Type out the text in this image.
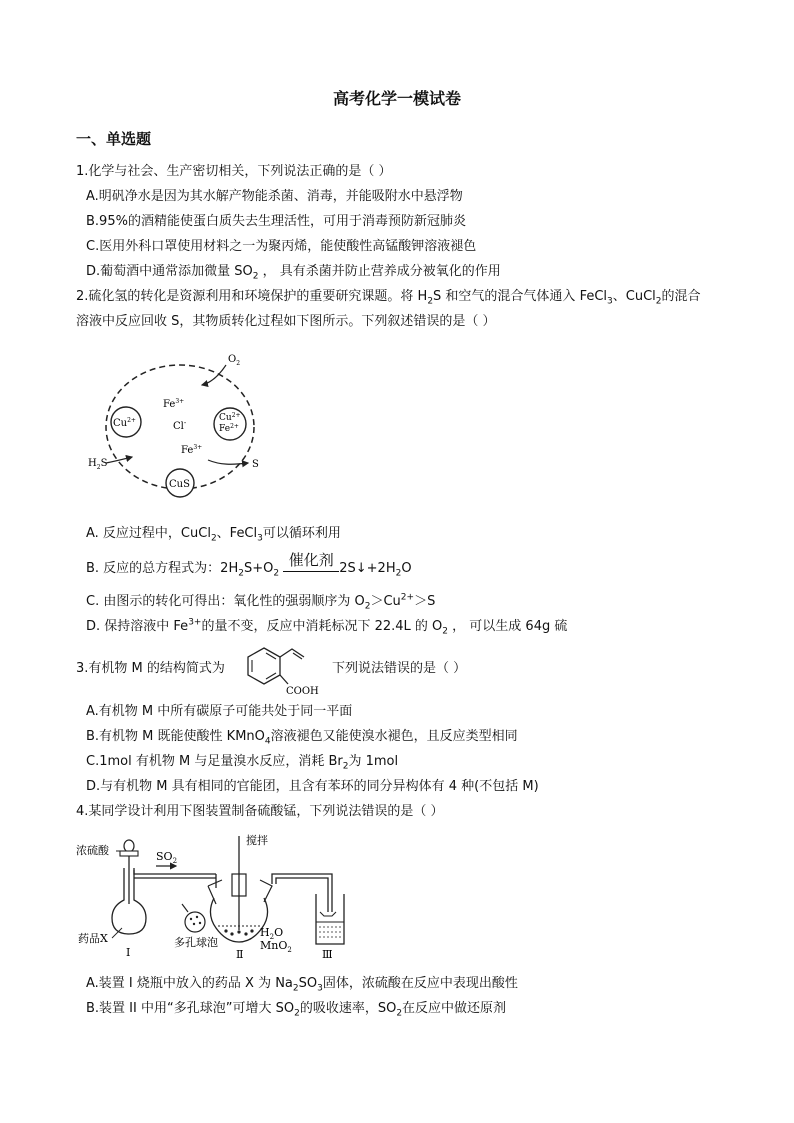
高考化学一模试卷
一、单选题
1.化学与社会、生产密切相关，下列说法正确的是（ ）
A.明矾净水是因为其水解产物能杀菌、消毒，并能吸附水中悬浮物
B.95%的酒精能使蛋白质失去生理活性，可用于消毒预防新冠肺炎
C.医用外科口罩使用材料之一为聚丙烯，能使酸性高锰酸钾溶液褪色
D.葡萄酒中通常添加微量 $SO_2$ ， 具有杀菌并防止营养成分被氧化的作用
2.硫化氢的转化是资源利用和环境保护的重要研究课题。将 $H_2S$ 和空气的混合气体通入 FeCl$_3$、CuCl$_2$的混合
溶液中反应回收 S，其物质转化过程如下图所示。下列叙述错误的是（ ）
$Cu^{2+}$	$Cu^{2+}$
$Fe^{2+}$
CuS
$Fe^{3+}$
Cl-
$Fe^{3+}$
$O_2$
$H_2S$	S
A. 反应过程中，CuCl$_2$、FeCl$_3$可以循环利用
B. 反应的总方程式为：$2H_2S+O_2$
催化剂 $2S↓+2H_2O$
C. 由图示的转化可得出：氧化性的强弱顺序为 $O_2>Cu^{2+}>S$
D. 保持溶液中 $Fe^{3+}$的量不变，反应中消耗标况下 22.4L 的 $O_2$ ， 可以生成 64g 硫
3.有机物 M 的结构简式为
COOH
下列说法错误的是（ ）
A.有机物 M 中所有碳原子可能共处于同一平面
B.有机物 M 既能使酸性 KMnO$_4$溶液褪色又能使溴水褪色，且反应类型相同
C.1mol 有机物 M 与足量溴水反应，消耗 $Br_2$为 1mol
D.与有机物 M 具有相同的官能团，且含有苯环的同分异构体有 4 种(不包括 M)
4.某同学设计利用下图装置制备硫酸锰，下列说法错误的是（ ）
浓硫酸
药品X
Ⅰ
$SO_2$
搅拌
多孔球泡
$H_2O$
MnO$_2$
Ⅱ	Ⅲ
A.装置 I 烧瓶中放入的药品 X 为 $Na_2SO_3$固体，浓硫酸在反应中表现出酸性
B.装置 II 中用“多孔球泡”可增大 $SO_2$的吸收速率，$SO_2$在反应中做还原剂
